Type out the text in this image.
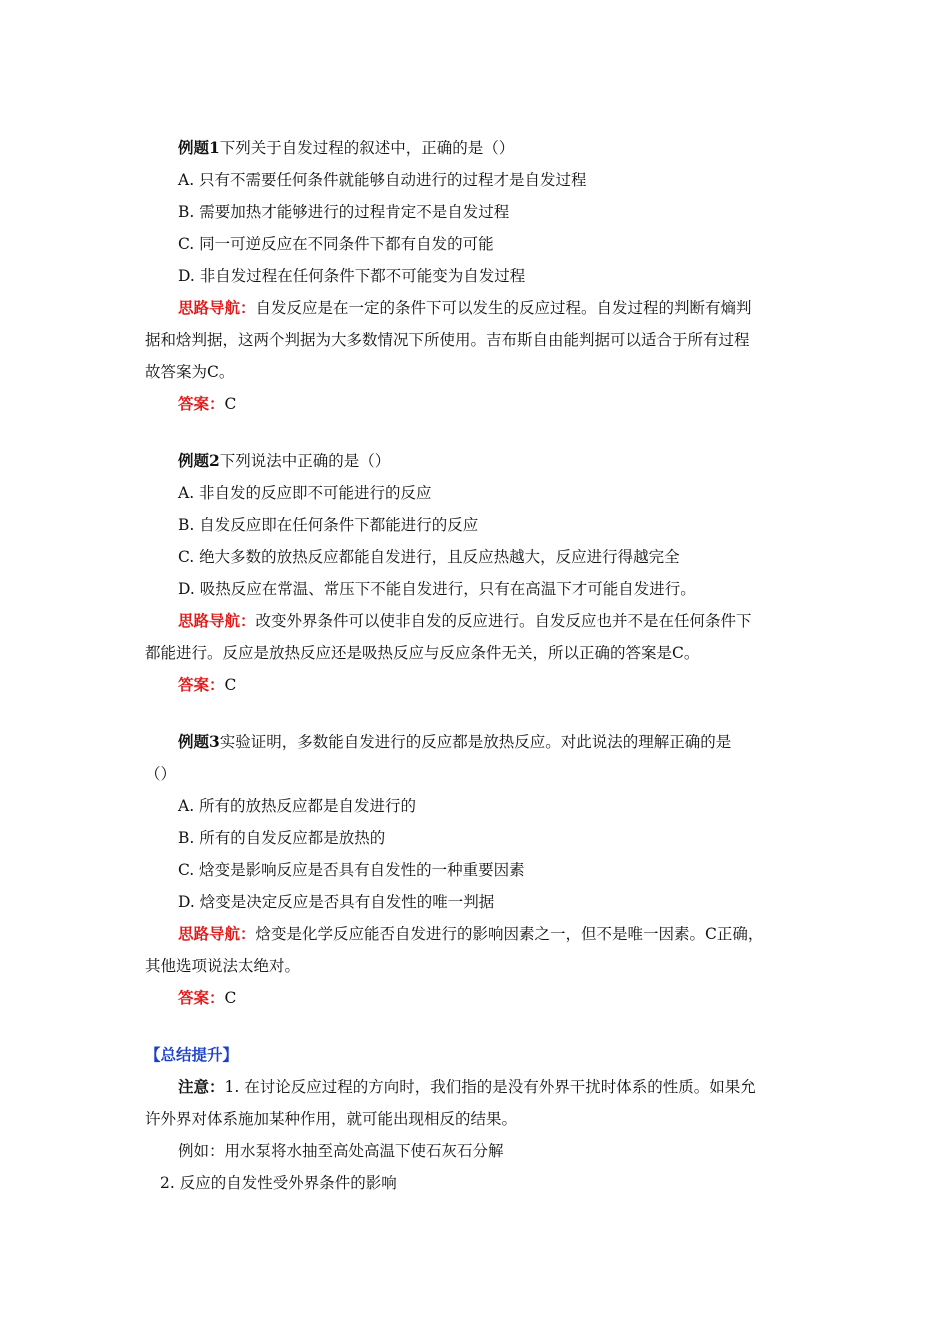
例题1下列关于自发过程的叙述中，正确的是（）
A. 只有不需要任何条件就能够自动进行的过程才是自发过程
B. 需要加热才能够进行的过程肯定不是自发过程
C. 同一可逆反应在不同条件下都有自发的可能
D. 非自发过程在任何条件下都不可能变为自发过程
思路导航：自发反应是在一定的条件下可以发生的反应过程。自发过程的判断有熵判
据和焓判据，这两个判据为大多数情况下所使用。吉布斯自由能判据可以适合于所有过程
故答案为C。
答案：C
例题2下列说法中正确的是（）
A. 非自发的反应即不可能进行的反应
B. 自发反应即在任何条件下都能进行的反应
C. 绝大多数的放热反应都能自发进行，且反应热越大，反应进行得越完全
D. 吸热反应在常温、常压下不能自发进行，只有在高温下才可能自发进行。
思路导航：改变外界条件可以使非自发的反应进行。自发反应也并不是在任何条件下
都能进行。反应是放热反应还是吸热反应与反应条件无关，所以正确的答案是C。
答案：C
例题3实验证明，多数能自发进行的反应都是放热反应。对此说法的理解正确的是
（）
A. 所有的放热反应都是自发进行的
B. 所有的自发反应都是放热的
C. 焓变是影响反应是否具有自发性的一种重要因素
D. 焓变是决定反应是否具有自发性的唯一判据
思路导航：焓变是化学反应能否自发进行的影响因素之一，但不是唯一因素。C正确，
其他选项说法太绝对。
答案：C
【总结提升】
注意：1. 在讨论反应过程的方向时，我们指的是没有外界干扰时体系的性质。如果允
许外界对体系施加某种作用，就可能出现相反的结果。
例如：用水泵将水抽至高处高温下使石灰石分解
2. 反应的自发性受外界条件的影响
